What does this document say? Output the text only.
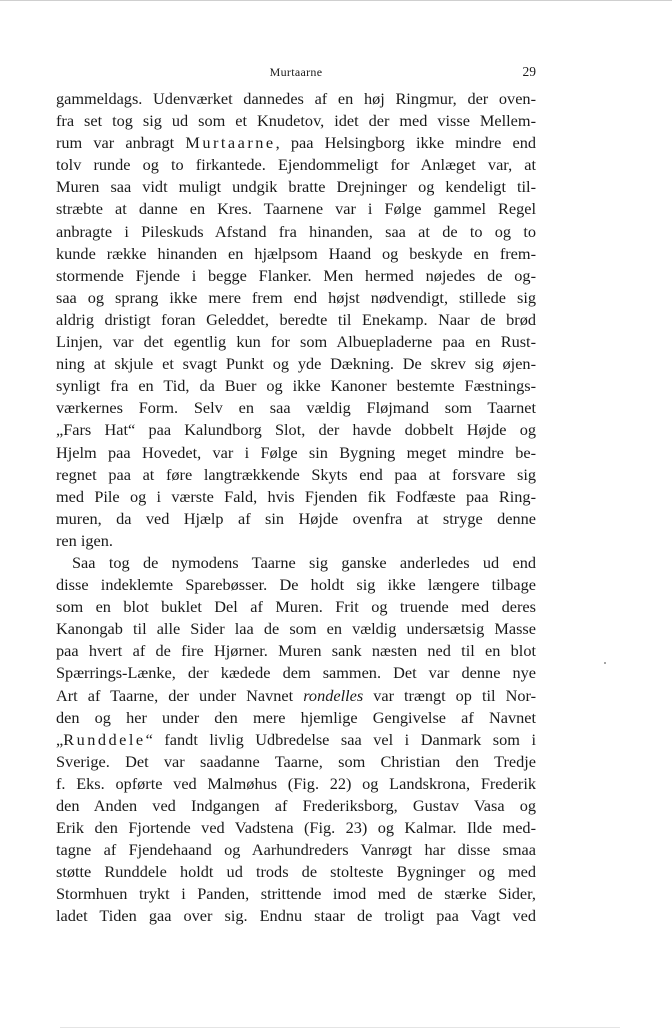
Murtaarne	29
gammeldags. Udenværket dannedes af en høj Ringmur, der oven-
fra set tog sig ud som et Knudetov, idet der med visse Mellem-
rum var anbragt Murtaarne, paa Helsingborg ikke mindre end
tolv runde og to firkantede. Ejendommeligt for Anlæget var, at
Muren saa vidt muligt undgik bratte Drejninger og kendeligt til-
stræbte at danne en Kres. Taarnene var i Følge gammel Regel
anbragte i Pileskuds Afstand fra hinanden, saa at de to og to
kunde række hinanden en hjælpsom Haand og beskyde en frem-
stormende Fjende i begge Flanker. Men hermed nøjedes de og-
saa og sprang ikke mere frem end højst nødvendigt, stillede sig
aldrig dristigt foran Geleddet, beredte til Enekamp. Naar de brød
Linjen, var det egentlig kun for som Albuepladerne paa en Rust-
ning at skjule et svagt Punkt og yde Dækning. De skrev sig øjen-
synligt fra en Tid, da Buer og ikke Kanoner bestemte Fæstnings-
værkernes Form. Selv en saa vældig Fløjmand som Taarnet
„Fars Hat“ paa Kalundborg Slot, der havde dobbelt Højde og
Hjelm paa Hovedet, var i Følge sin Bygning meget mindre be-
regnet paa at føre langtrækkende Skyts end paa at forsvare sig
med Pile og i værste Fald, hvis Fjenden fik Fodfæste paa Ring-
muren, da ved Hjælp af sin Højde ovenfra at stryge denne
ren igen.
Saa tog de nymodens Taarne sig ganske anderledes ud end
disse indeklemte Sparebøsser. De holdt sig ikke længere tilbage
som en blot buklet Del af Muren. Frit og truende med deres
Kanongab til alle Sider laa de som en vældig undersætsig Masse
paa hvert af de fire Hjørner. Muren sank næsten ned til en blot
Spærrings-Lænke, der kædede dem sammen. Det var denne nye
Art af Taarne, der under Navnet rondelles var trængt op til Nor-
den og her under den mere hjemlige Gengivelse af Navnet
„Runddele“ fandt livlig Udbredelse saa vel i Danmark som i
Sverige. Det var saadanne Taarne, som Christian den Tredje
f. Eks. opførte ved Malmøhus (Fig. 22) og Landskrona, Frederik
den Anden ved Indgangen af Frederiksborg, Gustav Vasa og
Erik den Fjortende ved Vadstena (Fig. 23) og Kalmar. Ilde med-
tagne af Fjendehaand og Aarhundreders Vanrøgt har disse smaa
støtte Runddele holdt ud trods de stolteste Bygninger og med
Stormhuen trykt i Panden, strittende imod med de stærke Sider,
ladet Tiden gaa over sig. Endnu staar de troligt paa Vagt ved
